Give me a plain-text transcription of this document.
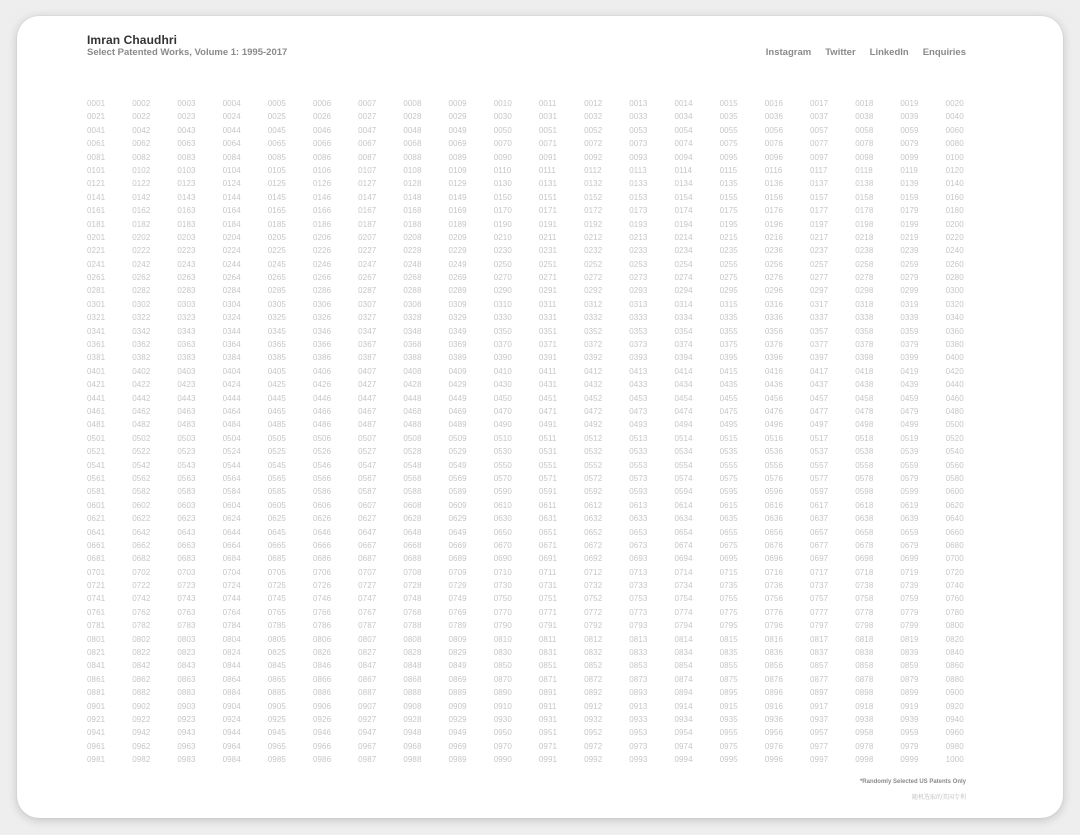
Imran Chaudhri
Select Patented Works, Volume 1: 1995-2017	Instagram Twitter LinkedIn Enquiries
0001	0002	0003	0004	0005	0006	0007	0008	0009	0010	0011	0012	0013	0014	0015	0016	0017	0018	0019	0020
0021	0022	0023	0024	0025	0026	0027	0028	0029	0030	0031	0032	0033	0034	0035	0036	0037	0038	0039	0040
0041	0042	0043	0044	0045	0046	0047	0048	0049	0050	0051	0052	0053	0054	0055	0056	0057	0058	0059	0060
0061	0062	0063	0064	0065	0066	0067	0068	0069	0070	0071	0072	0073	0074	0075	0076	0077	0078	0079	0080
0081	0082	0083	0084	0085	0086	0087	0088	0089	0090	0091	0092	0093	0094	0095	0096	0097	0098	0099	0100
0101	0102	0103	0104	0105	0106	0107	0108	0109	0110	0111	0112	0113	0114	0115	0116	0117	0118	0119	0120
0121	0122	0123	0124	0125	0126	0127	0128	0129	0130	0131	0132	0133	0134	0135	0136	0137	0138	0139	0140
0141	0142	0143	0144	0145	0146	0147	0148	0149	0150	0151	0152	0153	0154	0155	0156	0157	0158	0159	0160
0161	0162	0163	0164	0165	0166	0167	0168	0169	0170	0171	0172	0173	0174	0175	0176	0177	0178	0179	0180
0181	0182	0183	0184	0185	0186	0187	0188	0189	0190	0191	0192	0193	0194	0195	0196	0197	0198	0199	0200
0201	0202	0203	0204	0205	0206	0207	0208	0209	0210	0211	0212	0213	0214	0215	0216	0217	0218	0219	0220
0221	0222	0223	0224	0225	0226	0227	0228	0229	0230	0231	0232	0233	0234	0235	0236	0237	0238	0239	0240
0241	0242	0243	0244	0245	0246	0247	0248	0249	0250	0251	0252	0253	0254	0255	0256	0257	0258	0259	0260
0261	0262	0263	0264	0265	0266	0267	0268	0269	0270	0271	0272	0273	0274	0275	0276	0277	0278	0279	0280
0281	0282	0283	0284	0285	0286	0287	0288	0289	0290	0291	0292	0293	0294	0295	0296	0297	0298	0299	0300
0301	0302	0303	0304	0305	0306	0307	0308	0309	0310	0311	0312	0313	0314	0315	0316	0317	0318	0319	0320
0321	0322	0323	0324	0325	0326	0327	0328	0329	0330	0331	0332	0333	0334	0335	0336	0337	0338	0339	0340
0341	0342	0343	0344	0345	0346	0347	0348	0349	0350	0351	0352	0353	0354	0355	0356	0357	0358	0359	0360
0361	0362	0363	0364	0365	0366	0367	0368	0369	0370	0371	0372	0373	0374	0375	0376	0377	0378	0379	0380
0381	0382	0383	0384	0385	0386	0387	0388	0389	0390	0391	0392	0393	0394	0395	0396	0397	0398	0399	0400
0401	0402	0403	0404	0405	0406	0407	0408	0409	0410	0411	0412	0413	0414	0415	0416	0417	0418	0419	0420
0421	0422	0423	0424	0425	0426	0427	0428	0429	0430	0431	0432	0433	0434	0435	0436	0437	0438	0439	0440
0441	0442	0443	0444	0445	0446	0447	0448	0449	0450	0451	0452	0453	0454	0455	0456	0457	0458	0459	0460
0461	0462	0463	0464	0465	0466	0467	0468	0469	0470	0471	0472	0473	0474	0475	0476	0477	0478	0479	0480
0481	0482	0483	0484	0485	0486	0487	0488	0489	0490	0491	0492	0493	0494	0495	0496	0497	0498	0499	0500
0501	0502	0503	0504	0505	0506	0507	0508	0509	0510	0511	0512	0513	0514	0515	0516	0517	0518	0519	0520
0521	0522	0523	0524	0525	0526	0527	0528	0529	0530	0531	0532	0533	0534	0535	0536	0537	0538	0539	0540
0541	0542	0543	0544	0545	0546	0547	0548	0549	0550	0551	0552	0553	0554	0555	0556	0557	0558	0559	0560
0561	0562	0563	0564	0565	0566	0567	0568	0569	0570	0571	0572	0573	0574	0575	0576	0577	0578	0579	0580
0581	0582	0583	0584	0585	0586	0587	0588	0589	0590	0591	0592	0593	0594	0595	0596	0597	0598	0599	0600
0601	0602	0603	0604	0605	0606	0607	0608	0609	0610	0611	0612	0613	0614	0615	0616	0617	0618	0619	0620
0621	0622	0623	0624	0625	0626	0627	0628	0629	0630	0631	0632	0633	0634	0635	0636	0637	0638	0639	0640
0641	0642	0643	0644	0645	0646	0647	0648	0649	0650	0651	0652	0653	0654	0655	0656	0657	0658	0659	0660
0661	0662	0663	0664	0665	0666	0667	0668	0669	0670	0671	0672	0673	0674	0675	0676	0677	0678	0679	0680
0681	0682	0683	0684	0685	0686	0687	0688	0689	0690	0691	0692	0693	0694	0695	0696	0697	0698	0699	0700
0701	0702	0703	0704	0705	0706	0707	0708	0709	0710	0711	0712	0713	0714	0715	0716	0717	0718	0719	0720
0721	0722	0723	0724	0725	0726	0727	0728	0729	0730	0731	0732	0733	0734	0735	0736	0737	0738	0739	0740
0741	0742	0743	0744	0745	0746	0747	0748	0749	0750	0751	0752	0753	0754	0755	0756	0757	0758	0759	0760
0761	0762	0763	0764	0765	0766	0767	0768	0769	0770	0771	0772	0773	0774	0775	0776	0777	0778	0779	0780
0781	0782	0783	0784	0785	0786	0787	0788	0789	0790	0791	0792	0793	0794	0795	0796	0797	0798	0799	0800
0801	0802	0803	0804	0805	0806	0807	0808	0809	0810	0811	0812	0813	0814	0815	0816	0817	0818	0819	0820
0821	0822	0823	0824	0825	0826	0827	0828	0829	0830	0831	0832	0833	0834	0835	0836	0837	0838	0839	0840
0841	0842	0843	0844	0845	0846	0847	0848	0849	0850	0851	0852	0853	0854	0855	0856	0857	0858	0859	0860
0861	0862	0863	0864	0865	0866	0867	0868	0869	0870	0871	0872	0873	0874	0875	0876	0877	0878	0879	0880
0881	0882	0883	0884	0885	0886	0887	0888	0889	0890	0891	0892	0893	0894	0895	0896	0897	0898	0899	0900
0901	0902	0903	0904	0905	0906	0907	0908	0909	0910	0911	0912	0913	0914	0915	0916	0917	0918	0919	0920
0921	0922	0923	0924	0925	0926	0927	0928	0929	0930	0931	0932	0933	0934	0935	0936	0937	0938	0939	0940
0941	0942	0943	0944	0945	0946	0947	0948	0949	0950	0951	0952	0953	0954	0955	0956	0957	0958	0959	0960
0961	0962	0963	0964	0965	0966	0967	0968	0969	0970	0971	0972	0973	0974	0975	0976	0977	0978	0979	0980
0981	0982	0983	0984	0985	0986	0987	0988	0989	0990	0991	0992	0993	0994	0995	0996	0997	0998	0999	1000
*Randomly Selected US Patents Only
随机选取的美国专利
